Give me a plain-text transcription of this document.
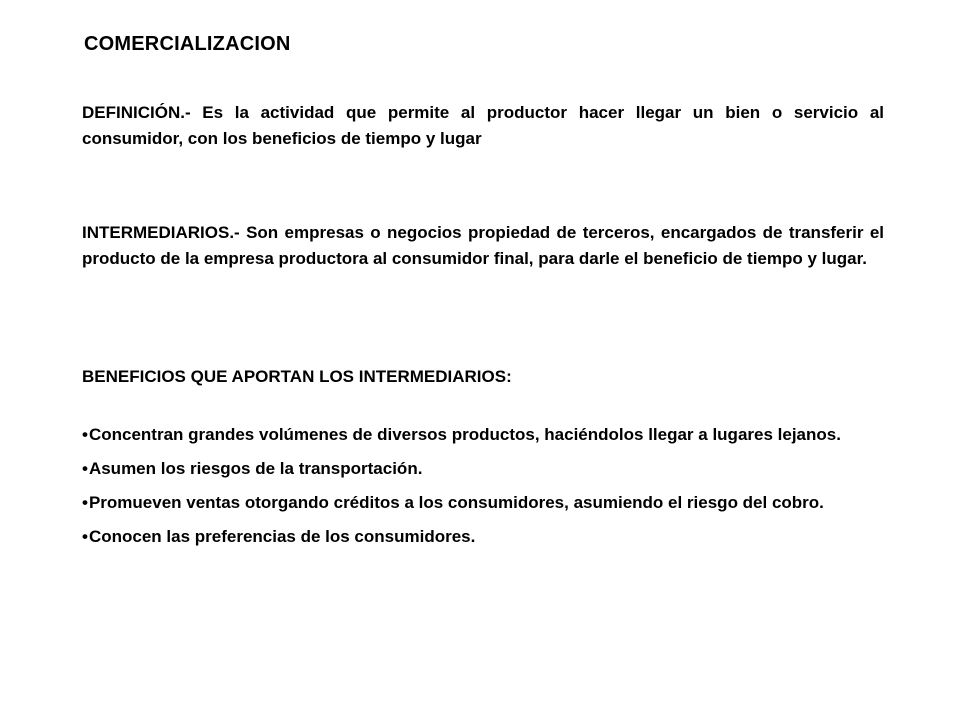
COMERCIALIZACION

DEFINICIÓN.- Es la actividad que permite al productor hacer llegar un bien o servicio al consumidor, con los beneficios de tiempo y lugar

INTERMEDIARIOS.- Son empresas o negocios propiedad de terceros, encargados de transferir el producto de la empresa productora al consumidor final, para darle el beneficio de tiempo y lugar.

BENEFICIOS QUE APORTAN LOS INTERMEDIARIOS:

•Concentran grandes volúmenes de diversos productos, haciéndolos llegar a lugares lejanos.
•Asumen los riesgos de la transportación.
•Promueven ventas otorgando créditos a los consumidores, asumiendo el riesgo del cobro.
•Conocen las preferencias de los consumidores.
